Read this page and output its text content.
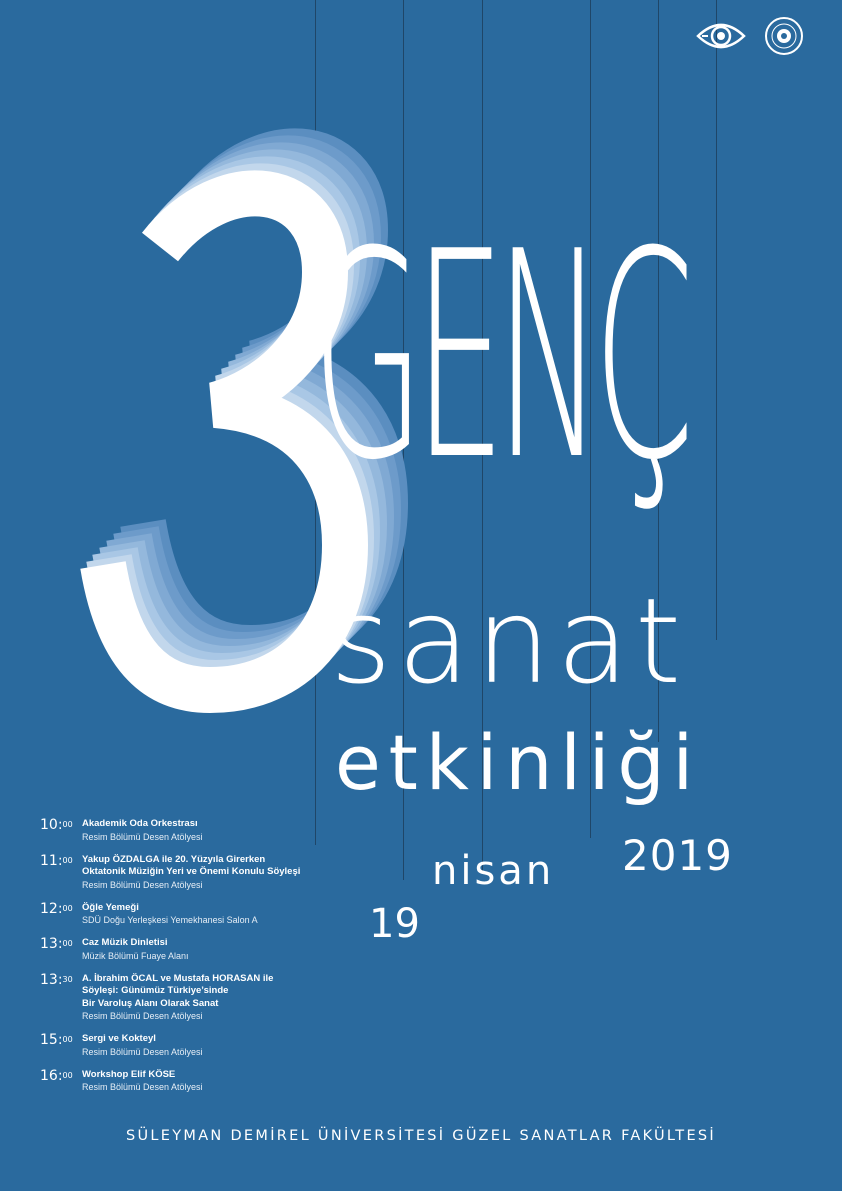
GENÇ
sanat
etkinliği
2019
nisan
19
10:$^{00}$ Akademik Oda Orkestrası
Resim Bölümü Desen Atölyesi
11:$^{00}$ Yakup ÖZDALGA ile 20. Yüzyıla Girerken
Oktatonik Müziğin Yeri ve Önemi Konulu Söyleşi
Resim Bölümü Desen Atölyesi
12:$^{00}$ Öğle Yemeği
SDÜ Doğu Yerleşkesi Yemekhanesi Salon A
13:$^{00}$ Caz Müzik Dinletisi
Müzik Bölümü Fuaye Alanı
13:$^{30}$ A. İbrahim ÖCAL ve Mustafa HORASAN ile
Söyleşi: Günümüz Türkiye’sinde
Bir Varoluş Alanı Olarak Sanat
Resim Bölümü Desen Atölyesi
15:$^{00}$ Sergi ve Kokteyl
Resim Bölümü Desen Atölyesi
16:$^{00}$ Workshop Elif KÖSE
Resim Bölümü Desen Atölyesi
SÜLEYMAN DEMİREL ÜNİVERSİTESİ GÜZEL SANATLAR FAKÜLTESİ
